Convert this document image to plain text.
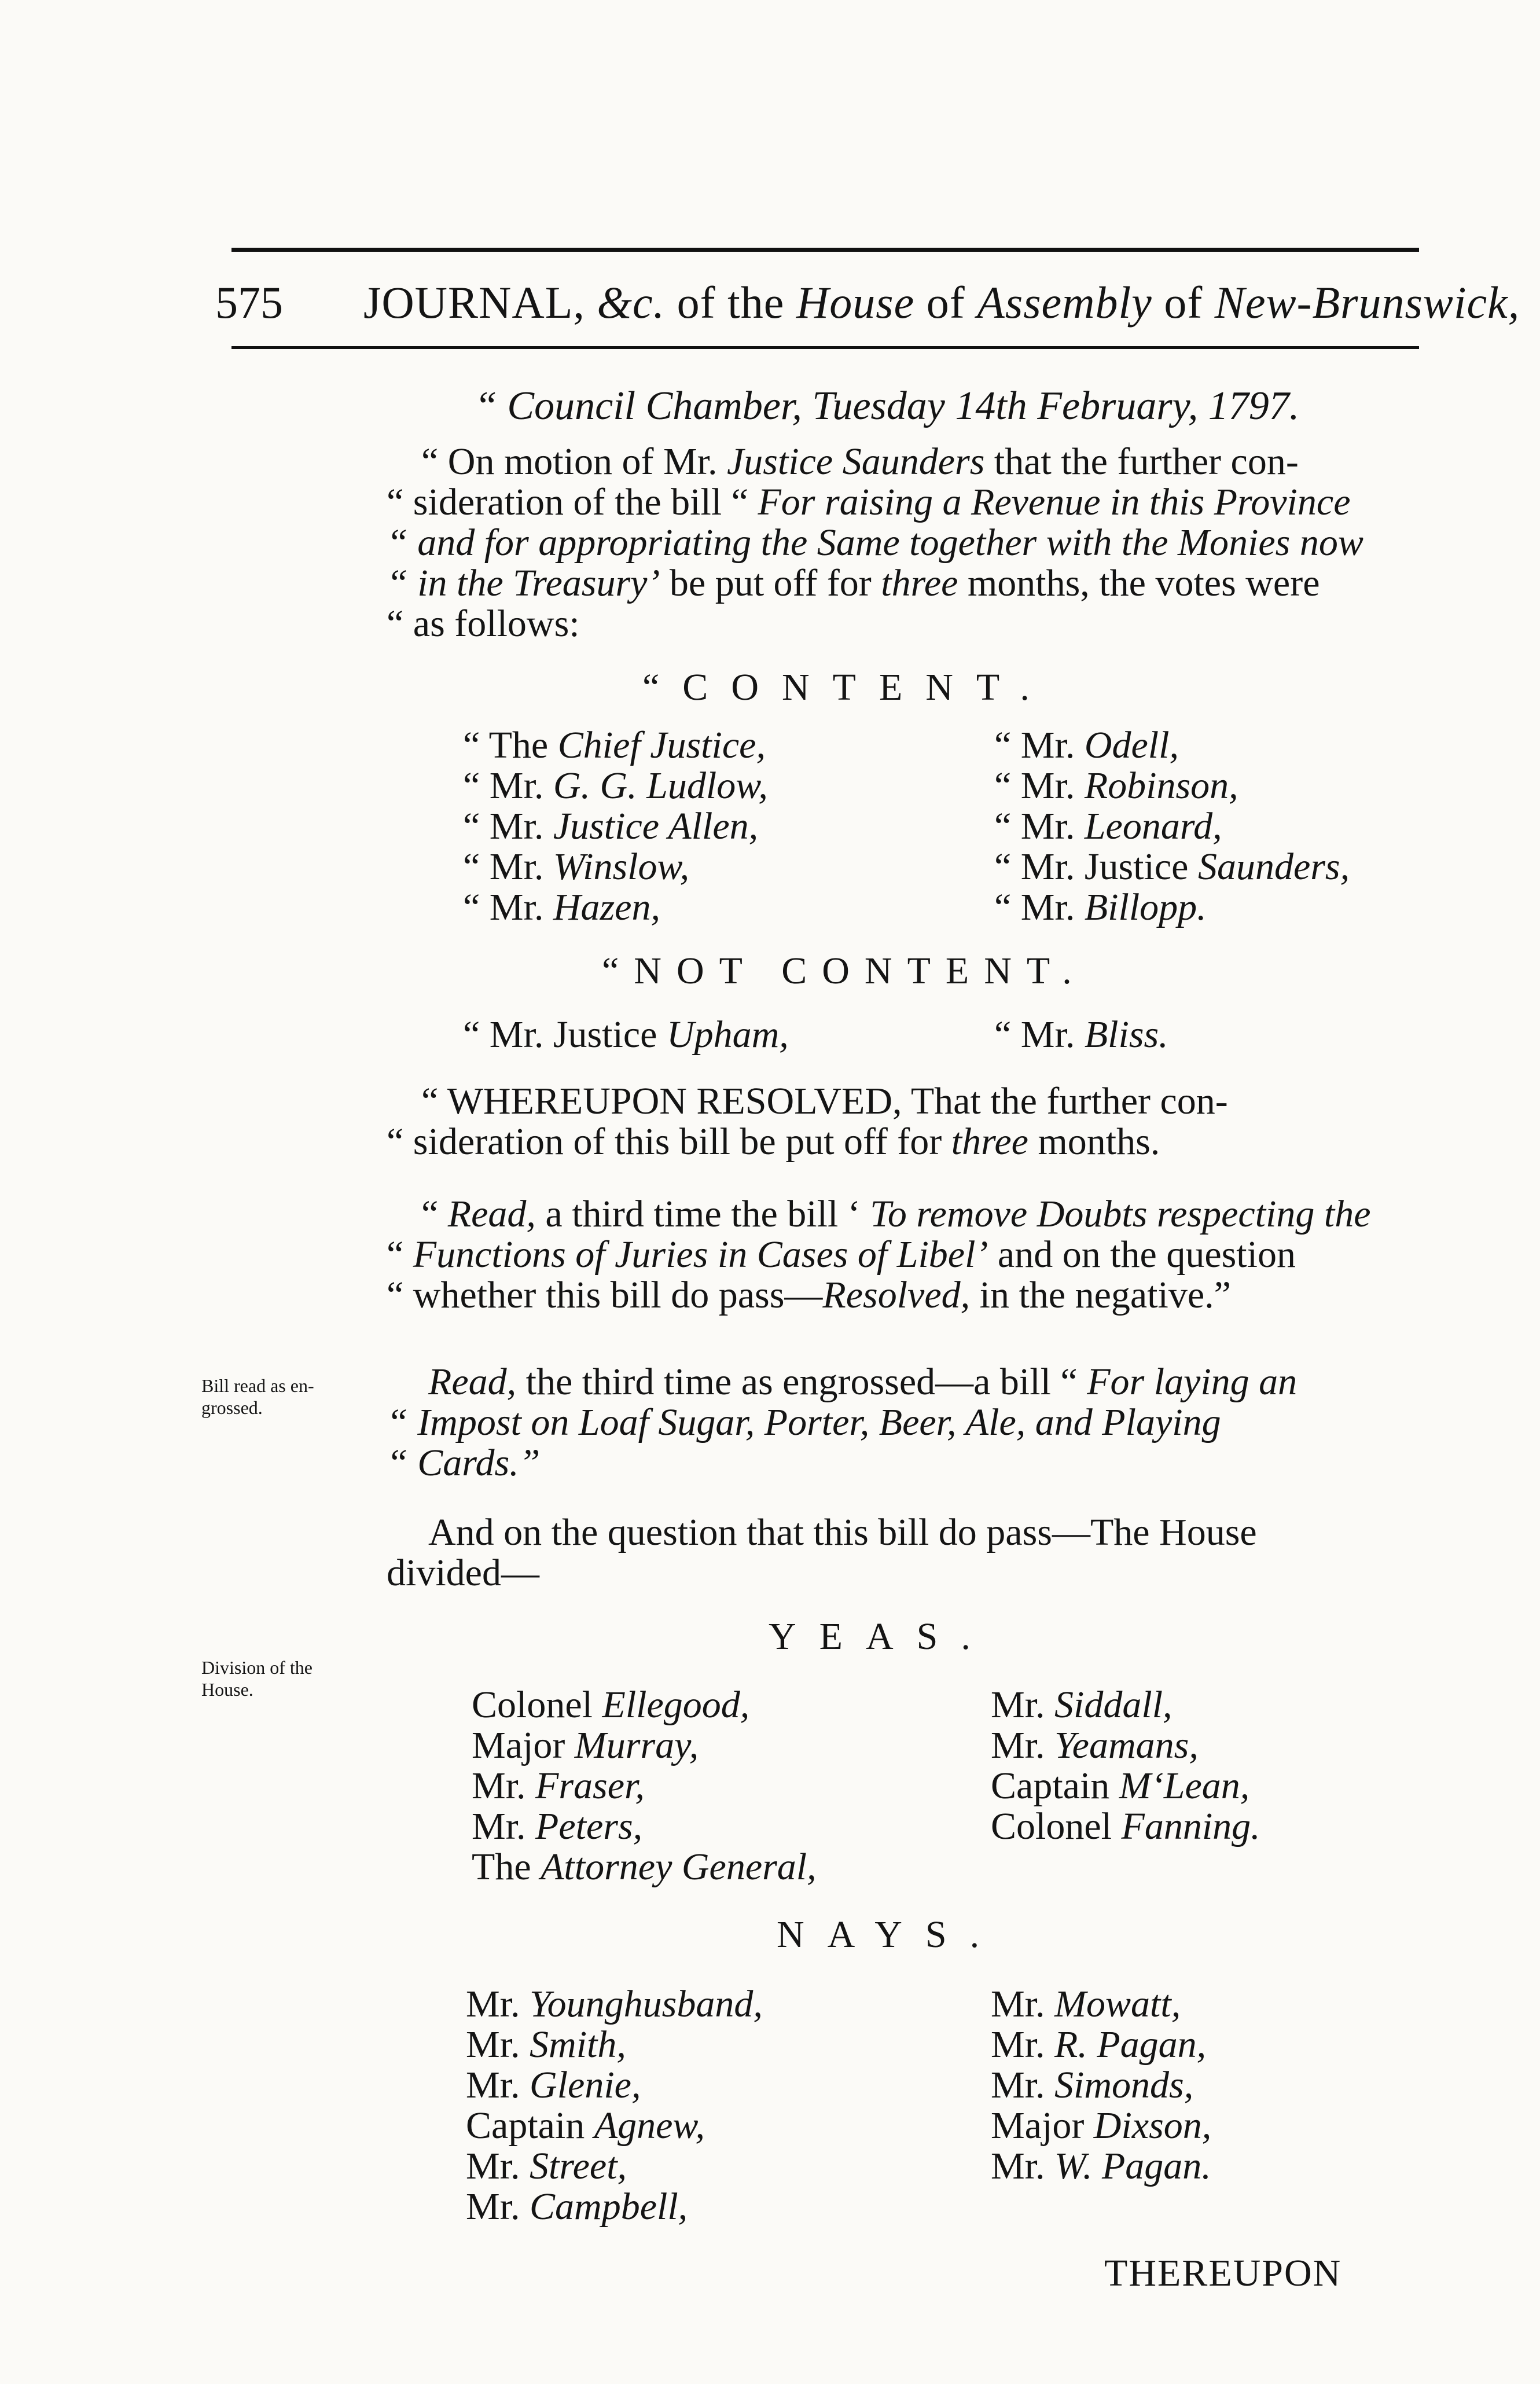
575 JOURNAL, &c. of the House of Assembly of New-Brunswick,
“ Council Chamber, Tuesday 14th February, 1797.
“ On motion of Mr. Justice Saunders that the further con-
“ sideration of the bill “ For raising a Revenue in this Province
“ and for appropriating the Same together with the Monies now
“ in the Treasury’ be put off for three months, the votes were
“ as follows:
“CONTENT.
“ The Chief Justice,
“ Mr. G. G. Ludlow,
“ Mr. Justice Allen,
“ Mr. Winslow,
“ Mr. Hazen,
“ Mr. Odell,
“ Mr. Robinson,
“ Mr. Leonard,
“ Mr. Justice Saunders,
“ Mr. Billopp.
“NOT CONTENT.
“ Mr. Justice Upham,	“ Mr. Bliss.
“ WHEREUPON RESOLVED, That the further con-
“ sideration of this bill be put off for three months.
“ Read, a third time the bill ‘ To remove Doubts respecting the
“ Functions of Juries in Cases of Libel’ and on the question
“ whether this bill do pass—Resolved, in the negative.”
Bill read as en-
grossed.
Read, the third time as engrossed—a bill “ For laying an
“ Impost on Loaf Sugar, Porter, Beer, Ale, and Playing
“ Cards.”
And on the question that this bill do pass—The House
divided—
Division of the
House.
YEAS.
Colonel Ellegood,
Major Murray,
Mr. Fraser,
Mr. Peters,
The Attorney General,
Mr. Siddall,
Mr. Yeamans,
Captain M‘Lean,
Colonel Fanning.
NAYS.
Mr. Younghusband,
Mr. Smith,
Mr. Glenie,
Captain Agnew,
Mr. Street,
Mr. Campbell,
Mr. Mowatt,
Mr. R. Pagan,
Mr. Simonds,
Major Dixson,
Mr. W. Pagan.
THEREUPON
